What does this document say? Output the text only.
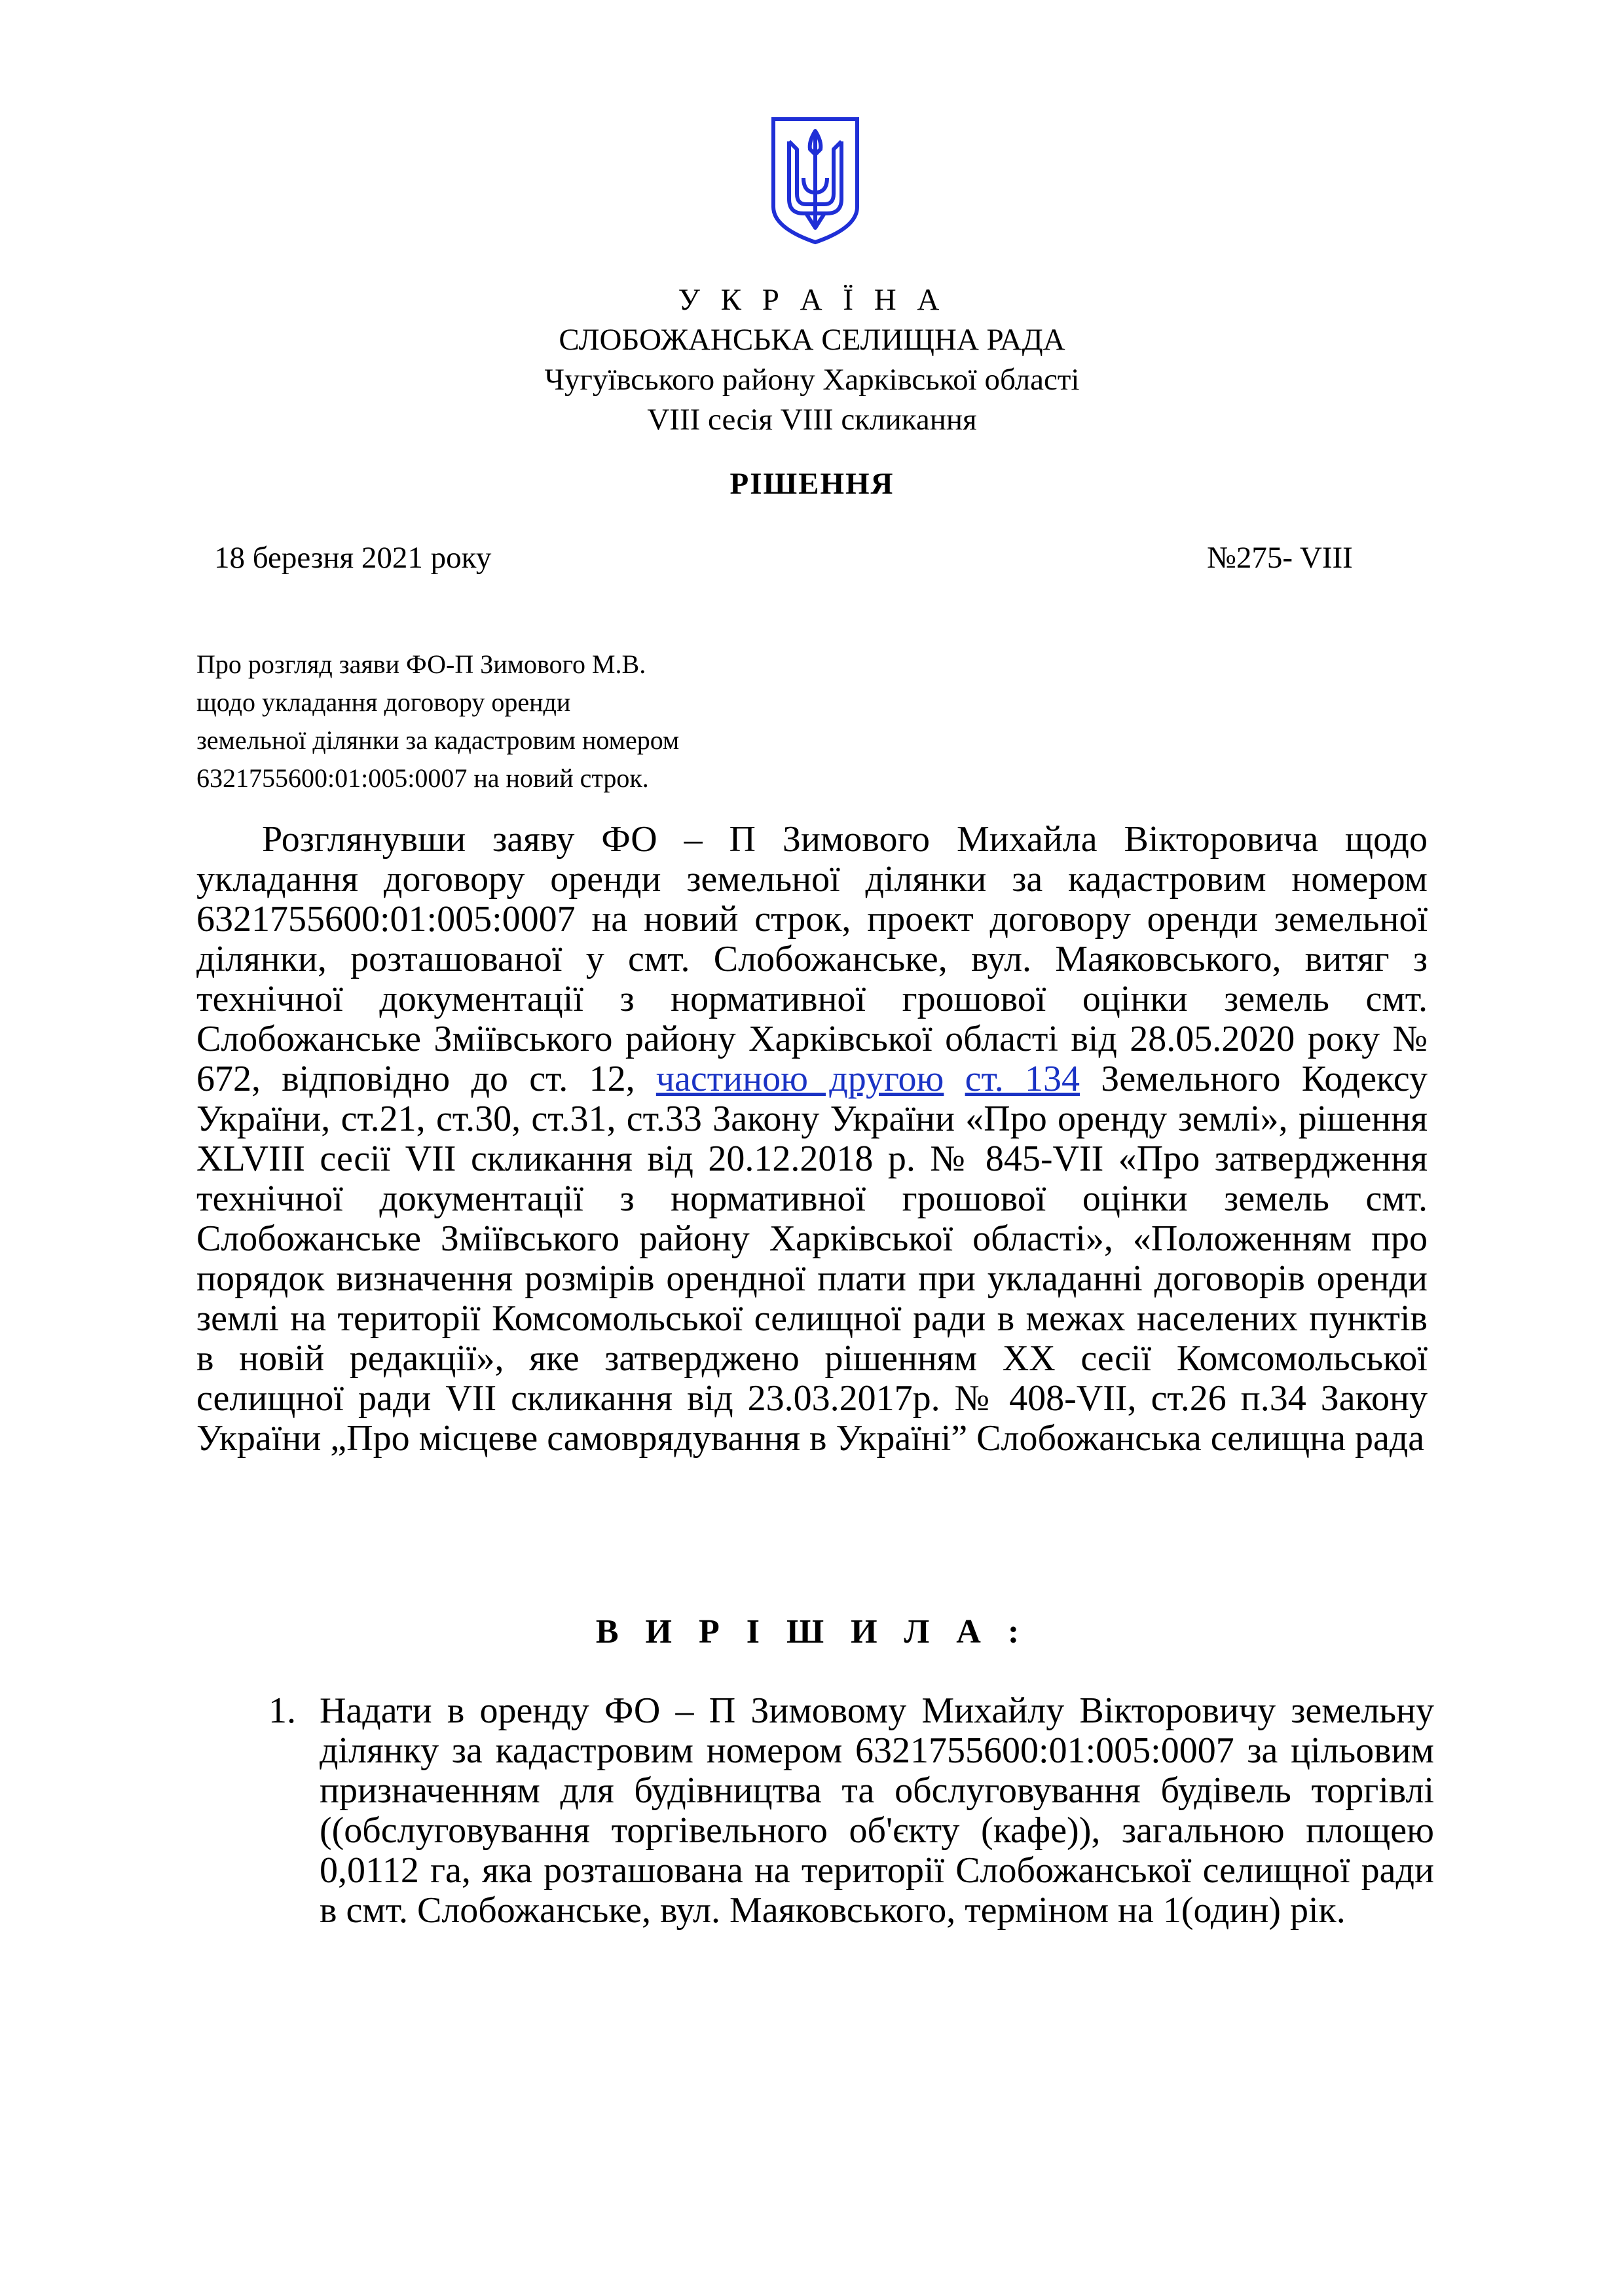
У К Р А Ї Н А
СЛОБОЖАНСЬКА СЕЛИЩНА РАДА
Чугуївського району Харківської області
VIII сесія VIII скликання
РІШЕННЯ
18 березня 2021 року	№275- VIII
Про розгляд заяви ФО-П Зимового М.В.
щодо укладання договору оренди
земельної ділянки за кадастровим номером
6321755600:01:005:0007 на новий строк.
Розглянувши заяву ФО – П Зимового Михайла Вікторовича щодо укладання договору оренди земельної ділянки за кадастровим номером 6321755600:01:005:0007 на новий строк, проект договору оренди земельної ділянки, розташованої у смт. Слобожанське, вул. Маяковського, витяг з технічної документації з нормативної грошової оцінки земель смт. Слобожанське Зміївського району Харківської області від 28.05.2020 року № 672, відповідно до ст. 12, частиною другою ст. 134 Земельного Кодексу України, ст.21, ст.30, ст.31, ст.33 Закону України «Про оренду землі», рішення XLVIII сесії VII скликання від 20.12.2018 р. № 845-VII «Про затвердження технічної документації з нормативної грошової оцінки земель смт. Слобожанське Зміївського району Харківської області», «Положенням про порядок визначення розмірів орендної плати при укладанні договорів оренди землі на території Комсомольської селищної ради в межах населених пунктів в новій редакції», яке затверджено рішенням XX сесії Комсомольської селищної ради VII скликання від 23.03.2017р. № 408-VII, ст.26 п.34 Закону України „Про місцеве самоврядування в Україні” Слобожанська селищна рада
В И Р І Ш И Л А :
1. Надати в оренду ФО – П Зимовому Михайлу Вікторовичу земельну ділянку за кадастровим номером 6321755600:01:005:0007 за цільовим призначенням для будівництва та обслуговування будівель торгівлі ((обслуговування торгівельного об'єкту (кафе)), загальною площею 0,0112 га, яка розташована на території Слобожанської селищної ради в смт. Слобожанське, вул. Маяковського, терміном на 1(один) рік.
